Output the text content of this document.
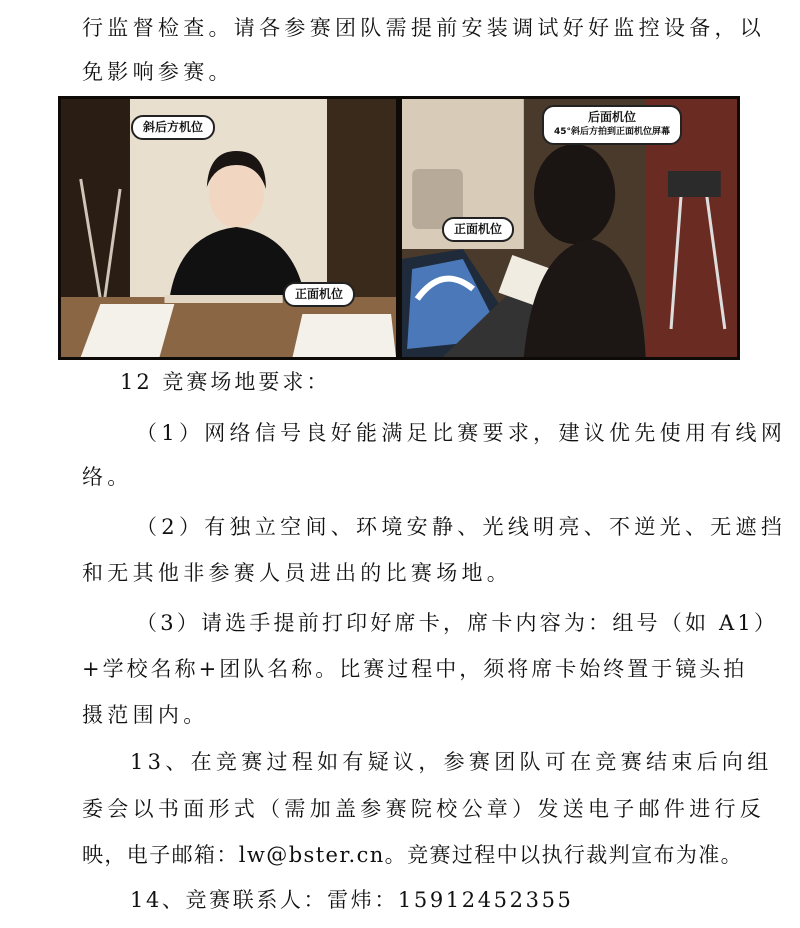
行监督检查。请各参赛团队需提前安装调试好好监控设备，以
免影响参赛。
斜后方机位
正面机位
后面机位
45°斜后方拍到正面机位屏幕
正面机位
12 竞赛场地要求：
（1）网络信号良好能满足比赛要求，建议优先使用有线网
络。
（2）有独立空间、环境安静、光线明亮、不逆光、无遮挡
和无其他非参赛人员进出的比赛场地。
（3）请选手提前打印好席卡，席卡内容为：组号（如 A1）
+学校名称+团队名称。比赛过程中，须将席卡始终置于镜头拍
摄范围内。
13、在竞赛过程如有疑议，参赛团队可在竞赛结束后向组
委会以书面形式（需加盖参赛院校公章）发送电子邮件进行反
映，电子邮箱：lw@bster.cn。竞赛过程中以执行裁判宣布为准。
14、竞赛联系人：雷炜：15912452355
